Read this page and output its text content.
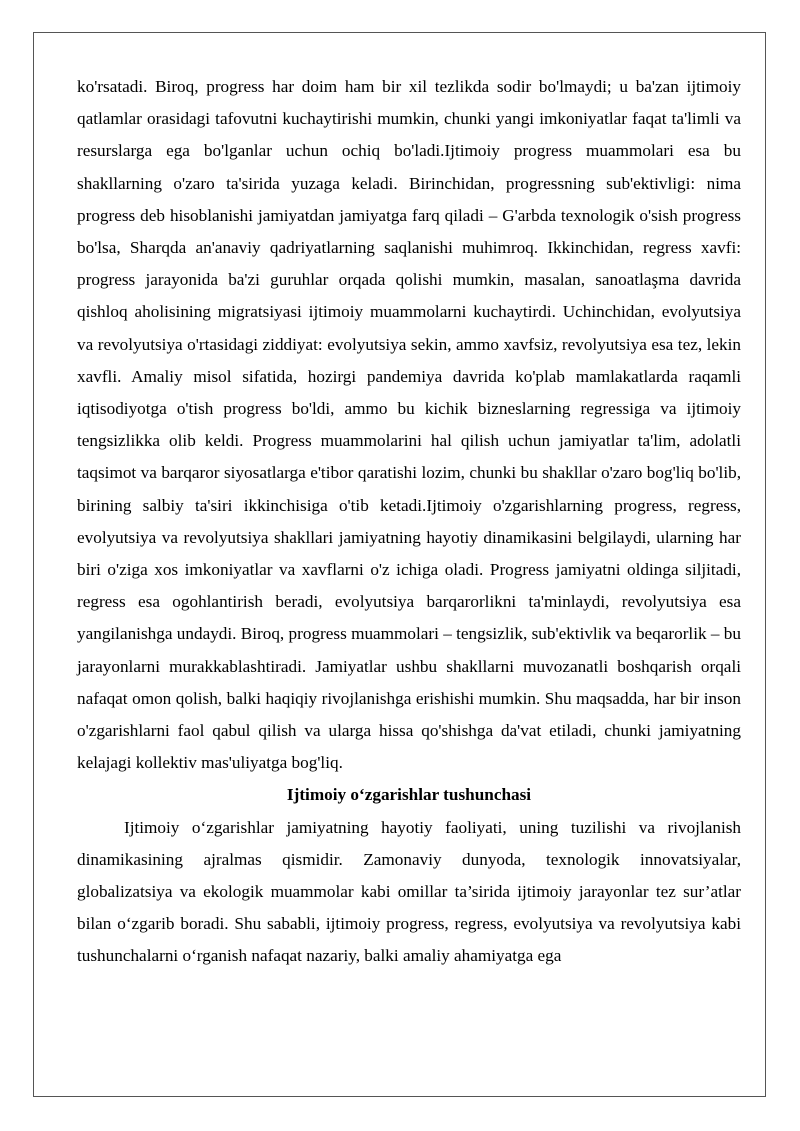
ko'rsatadi. Biroq, progress har doim ham bir xil tezlikda sodir bo'lmaydi; u ba'zan ijtimoiy qatlamlar orasidagi tafovutni kuchaytirishi mumkin, chunki yangi imkoniyatlar faqat ta'limli va resurslarga ega bo'lganlar uchun ochiq bo'ladi.Ijtimoiy progress muammolari esa bu shakllarning o'zaro ta'sirida yuzaga keladi. Birinchidan, progressning sub'ektivligi: nima progress deb hisoblanishi jamiyatdan jamiyatga farq qiladi – G'arbda texnologik o'sish progress bo'lsa, Sharqda an'anaviy qadriyatlarning saqlanishi muhimroq. Ikkinchidan, regress xavfi: progress jarayonida ba'zi guruhlar orqada qolishi mumkin, masalan, sanoatlaşma davrida qishloq aholisining migratsiyasi ijtimoiy muammolarni kuchaytirdi. Uchinchidan, evolyutsiya va revolyutsiya o'rtasidagi ziddiyat: evolyutsiya sekin, ammo xavfsiz, revolyutsiya esa tez, lekin xavfli. Amaliy misol sifatida, hozirgi pandemiya davrida ko'plab mamlakatlarda raqamli iqtisodiyotga o'tish progress bo'ldi, ammo bu kichik bizneslarning regressiga va ijtimoiy tengsizlikka olib keldi. Progress muammolarini hal qilish uchun jamiyatlar ta'lim, adolatli taqsimot va barqaror siyosatlarga e'tibor qaratishi lozim, chunki bu shakllar o'zaro bog'liq bo'lib, birining salbiy ta'siri ikkinchisiga o'tib ketadi.Ijtimoiy o'zgarishlarning progress, regress, evolyutsiya va revolyutsiya shakllari jamiyatning hayotiy dinamikasini belgilaydi, ularning har biri o'ziga xos imkoniyatlar va xavflarni o'z ichiga oladi. Progress jamiyatni oldinga siljitadi, regress esa ogohlantirish beradi, evolyutsiya barqarorlikni ta'minlaydi, revolyutsiya esa yangilanishga undaydi. Biroq, progress muammolari – tengsizlik, sub'ektivlik va beqarorlik – bu jarayonlarni murakkablashtiradi. Jamiyatlar ushbu shakllarni muvozanatli boshqarish orqali nafaqat omon qolish, balki haqiqiy rivojlanishga erishishi mumkin. Shu maqsadda, har bir inson o'zgarishlarni faol qabul qilish va ularga hissa qo'shishga da'vat etiladi, chunki jamiyatning kelajagi kollektiv mas'uliyatga bog'liq.

Ijtimoiy o‘zgarishlar tushunchasi

Ijtimoiy o‘zgarishlar jamiyatning hayotiy faoliyati, uning tuzilishi va rivojlanish dinamikasining ajralmas qismidir. Zamonaviy dunyoda, texnologik innovatsiyalar, globalizatsiya va ekologik muammolar kabi omillar ta’sirida ijtimoiy jarayonlar tez sur’atlar bilan o‘zgarib boradi. Shu sababli, ijtimoiy progress, regress, evolyutsiya va revolyutsiya kabi tushunchalarni o‘rganish nafaqat nazariy, balki amaliy ahamiyatga ega
